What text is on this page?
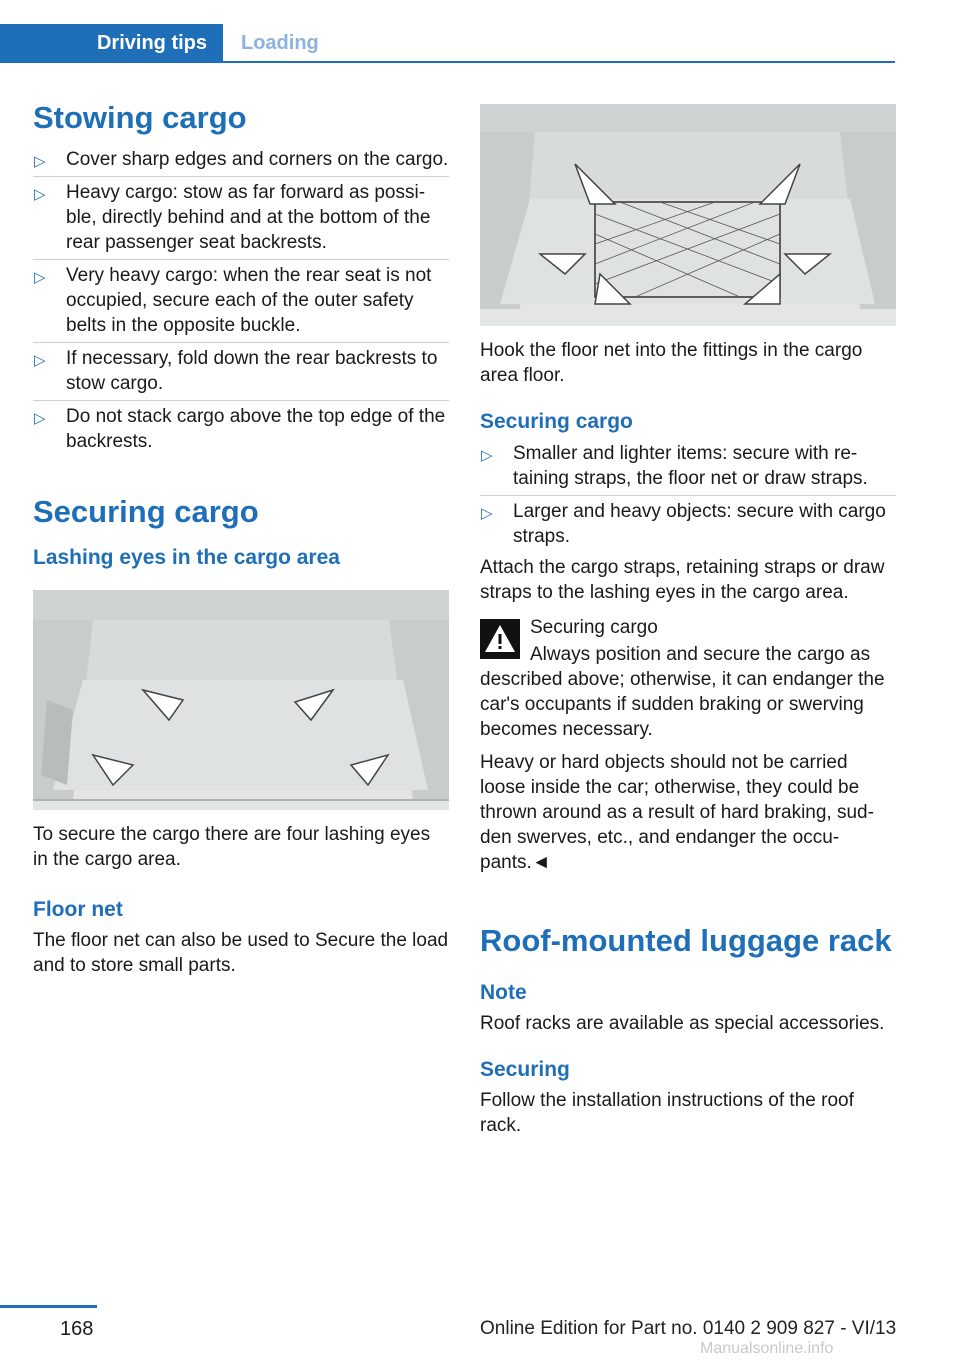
Driving tips	Loading
Stowing cargo
▷ Cover sharp edges and corners on the cargo.
▷ Heavy cargo: stow as far forward as possi‐ble, directly behind and at the bottom of the rear passenger seat backrests.
▷ Very heavy cargo: when the rear seat is not occupied, secure each of the outer safety belts in the opposite buckle.
▷ If necessary, fold down the rear backrests to stow cargo.
▷ Do not stack cargo above the top edge of the backrests.
Securing cargo
Lashing eyes in the cargo area

To secure the cargo there are four lashing eyes in the cargo area.

Floor net

The floor net can also be used to Secure the load and to store small parts.

Hook the floor net into the fittings in the cargo area floor.

Securing cargo
▷ Smaller and lighter items: secure with re‐taining straps, the floor net or draw straps.
▷ Larger and heavy objects: secure with cargo straps.

Attach the cargo straps, retaining straps or draw straps to the lashing eyes in the cargo area.

Securing cargo

Always position and secure the cargo as described above; otherwise, it can endanger the car's occupants if sudden braking or swerving becomes necessary.

Heavy or hard objects should not be carried loose inside the car; otherwise, they could be thrown around as a result of hard braking, sud‐den swerves, etc., and endanger the occu‐pants.◄

Roof-mounted luggage rack
Note

Roof racks are available as special accessories.

Securing

Follow the installation instructions of the roof rack.

168	Online Edition for Part no. 0140 2 909 827 - VI/13
Manualsonline.info
